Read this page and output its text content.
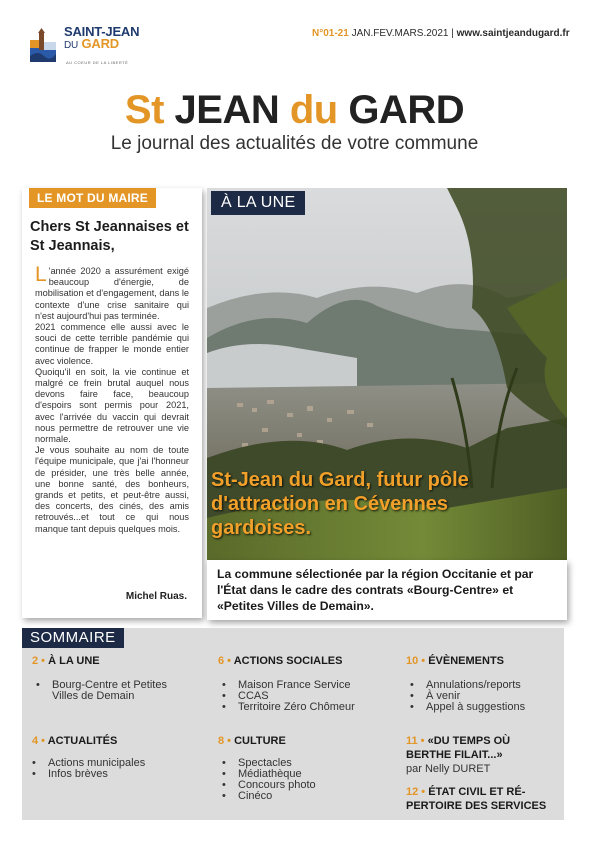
SAINT-JEAN
DU GARD
AU COEUR DE LA LIBERTÉ
N°01-21 JAN.FEV.MARS.2021 | www.saintjeandugard.fr
St JEAN du GARD
Le journal des actualités de votre commune
LE MOT DU MAIRE
Chers St Jeannaises et St Jeannais,

L 'année 2020 a assurément exigé beaucoup d'énergie, de mobilisation et d'engagement, dans le contexte d'une crise sanitaire qui n'est aujourd'hui pas terminée.

2021 commence elle aussi avec le souci de cette terrible pandémie qui continue de frapper le monde entier avec violence.

Quoiqu'il en soit, la vie continue et malgré ce frein brutal auquel nous devons faire face, beaucoup d'espoirs sont permis pour 2021, avec l'arrivée du vaccin qui devrait nous permettre de retrouver une vie normale.

Je vous souhaite au nom de toute l'équipe municipale, que j'ai l'honneur de présider, une très belle année, une bonne santé, des bonheurs, grands et petits, et peut-être aussi, des concerts, des cinés, des amis retrouvés...et tout ce qui nous manque tant depuis quelques mois.

Michel Ruas.
À LA UNE
St-Jean du Gard, futur pôle d'attraction en Cévennes gardoises.
La commune sélectionée par la région Occitanie et par l'État dans le cadre des contrats «Bourg-Centre» et «Petites Villes de Demain».
SOMMAIRE
2 • À LA UNE
• Bourg-Centre et Petites Villes de Demain
4 • ACTUALITÉS
• Actions municipales
• Infos brèves
6 • ACTIONS SOCIALES
• Maison France Service
• CCAS
• Territoire Zéro Chômeur
8 • CULTURE
• Spectacles
• Médiathèque
• Concours photo
• Cinéco
10 • ÉVÈNEMENTS
• Annulations/reports
• À venir
• Appel à suggestions
11 • «DU TEMPS OÙ
BERTHE FILAIT...»
par Nelly DURET
12 • ÉTAT CIVIL ET RÉ-
PERTOIRE DES SERVICES
